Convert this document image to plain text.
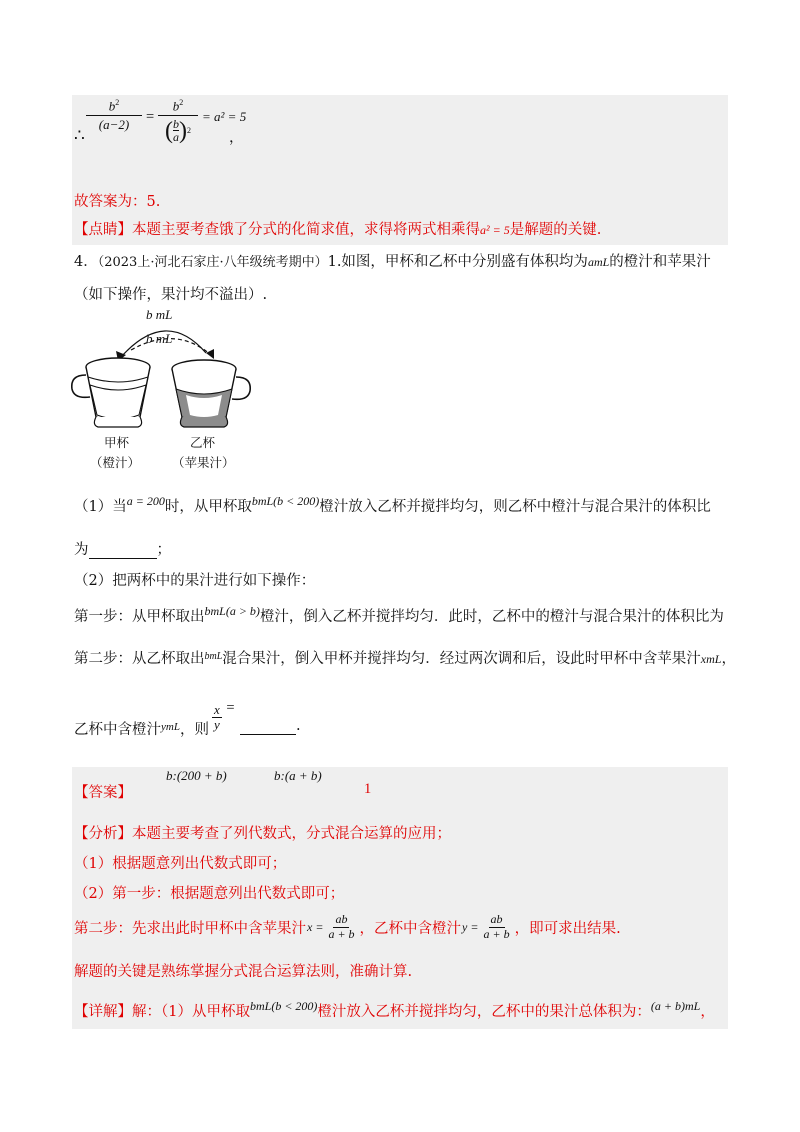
∴
$b^2$
(a−2)	=
$b^2$
( b
a ) 2
= a² = 5
，
故答案为：5.
【点睛】本题主要考查饿了分式的化简求值，求得将两式相乘得a² = 5是解题的关键.
4．（2023上·河北石家庄·八年级统考期中）1.如图，甲杯和乙杯中分别盛有体积均为amL的橙汁和苹果汁
（如下操作，果汁均不溢出）.
b mL
b mL
甲杯
（橙汁）
乙杯
（苹果汁）
（1）当$^{a = 200}$时，从甲杯取$^{bmL(b < 200)}$橙汁放入乙杯并搅拌均匀，则乙杯中橙汁与混合果汁的体积比
为	；
（2）把两杯中的果汁进行如下操作：
第一步：从甲杯取出$^{bmL(a > b)}$橙汁，倒入乙杯并搅拌均匀．此时，乙杯中的橙汁与混合果汁的体积比为
第二步：从乙杯取出$^{bmL}$混合果汁，倒入甲杯并搅拌均匀．经过两次调和后，设此时甲杯中含苹果汁xmL，
乙杯中含橙汁$^{ymL}$，则 $\frac{x}{y}$ =
.
【答案】
b:(200 + b)	b:(a + b)
1
【分析】本题主要考查了列代数式，分式混合运算的应用；
（1）根据题意列出代数式即可；
（2）第一步：根据题意列出代数式即可；
第二步：先求出此时甲杯中含苹果汁 $x = \frac{ab}{a + b}$ ，乙杯中含橙汁 $y = \frac{ab}{a + b}$ ，即可求出结果.
解题的关键是熟练掌握分式混合运算法则，准确计算.
【详解】解：（1）从甲杯取$^{bmL(b < 200)}$橙汁放入乙杯并搅拌均匀，乙杯中的果汁总体积为：$^{(a + b)mL}$，
